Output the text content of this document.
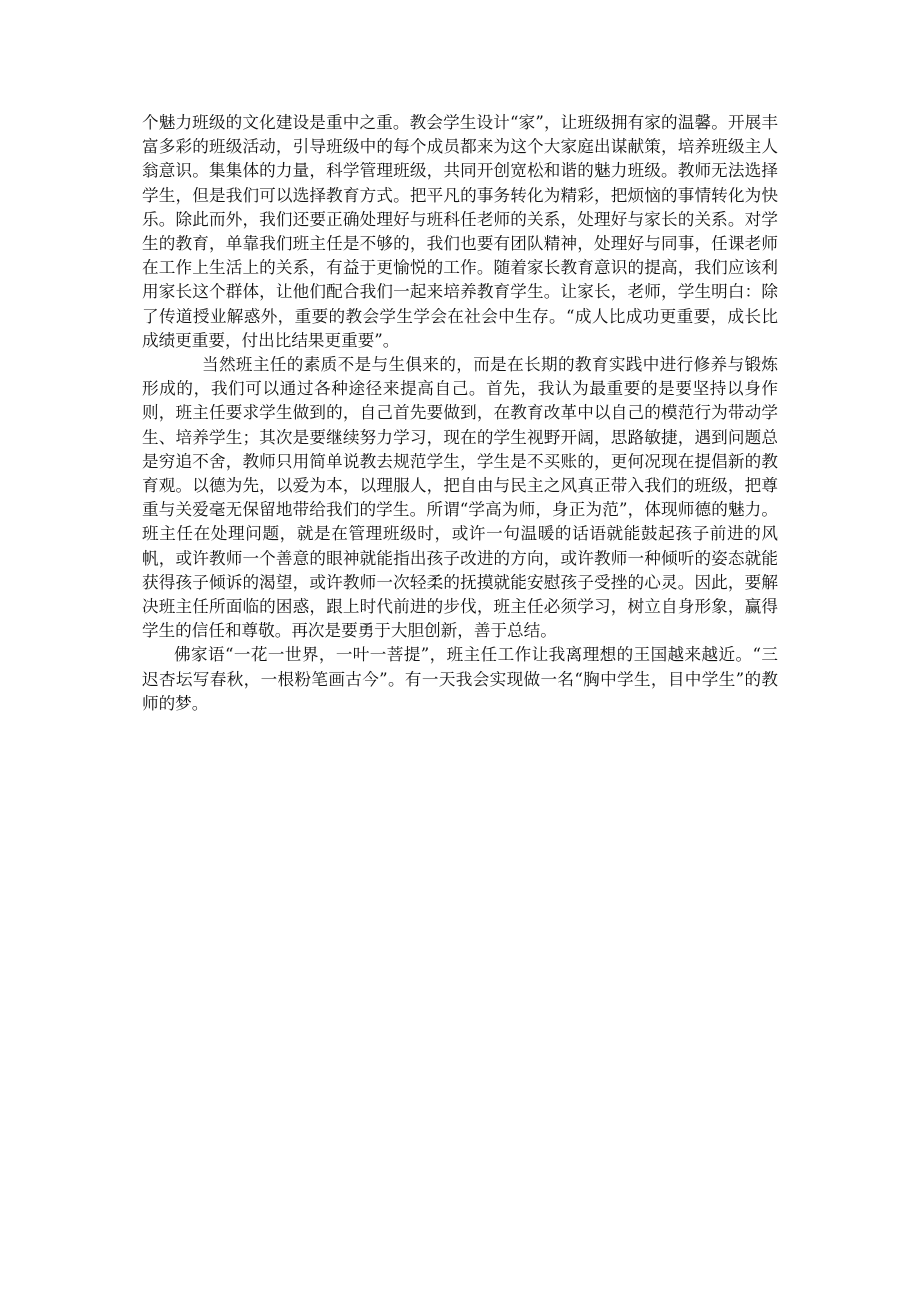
个魅力班级的文化建设是重中之重。教会学生设计“家”，让班级拥有家的温馨。开展丰富多彩的班级活动，引导班级中的每个成员都来为这个大家庭出谋献策，培养班级主人翁意识。集集体的力量，科学管理班级，共同开创宽松和谐的魅力班级。教师无法选择学生，但是我们可以选择教育方式。把平凡的事务转化为精彩，把烦恼的事情转化为快乐。除此而外，我们还要正确处理好与班科任老师的关系，处理好与家长的关系。对学生的教育，单靠我们班主任是不够的，我们也要有团队精神，处理好与同事，任课老师在工作上生活上的关系，有益于更愉悦的工作。随着家长教育意识的提高，我们应该利用家长这个群体，让他们配合我们一起来培养教育学生。让家长，老师，学生明白：除了传道授业解惑外，重要的教会学生学会在社会中生存。“成人比成功更重要，成长比成绩更重要，付出比结果更重要”。

当然班主任的素质不是与生俱来的，而是在长期的教育实践中进行修养与锻炼形成的，我们可以通过各种途径来提高自己。首先，我认为最重要的是要坚持以身作则，班主任要求学生做到的，自己首先要做到，在教育改革中以自己的模范行为带动学生、培养学生；其次是要继续努力学习，现在的学生视野开阔，思路敏捷，遇到问题总是穷追不舍，教师只用简单说教去规范学生，学生是不买账的，更何况现在提倡新的教育观。以德为先，以爱为本，以理服人，把自由与民主之风真正带入我们的班级，把尊重与关爱毫无保留地带给我们的学生。所谓“学高为师，身正为范”，体现师德的魅力。班主任在处理问题，就是在管理班级时，或许一句温暖的话语就能鼓起孩子前进的风帆，或许教师一个善意的眼神就能指出孩子改进的方向，或许教师一种倾听的姿态就能获得孩子倾诉的渴望，或许教师一次轻柔的抚摸就能安慰孩子受挫的心灵。因此，要解决班主任所面临的困惑，跟上时代前进的步伐，班主任必须学习，树立自身形象，赢得学生的信任和尊敬。再次是要勇于大胆创新，善于总结。

佛家语“一花一世界，一叶一菩提”，班主任工作让我离理想的王国越来越近。“三迟杏坛写春秋，一根粉笔画古今”。有一天我会实现做一名“胸中学生，目中学生”的教师的梦。
